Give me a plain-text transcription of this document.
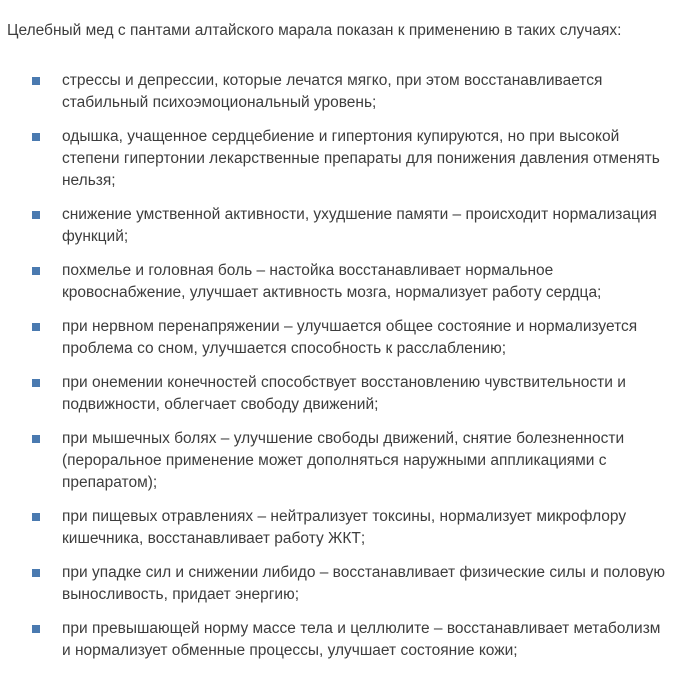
Целебный мед с пантами алтайского марала показан к применению в таких случаях:

стрессы и депрессии, которые лечатся мягко, при этом восстанавливается стабильный психоэмоциональный уровень;
одышка, учащенное сердцебиение и гипертония купируются, но при высокой степени гипертонии лекарственные препараты для понижения давления отменять нельзя;
снижение умственной активности, ухудшение памяти – происходит нормализация функций;
похмелье и головная боль – настойка восстанавливает нормальное кровоснабжение, улучшает активность мозга, нормализует работу сердца;
при нервном перенапряжении – улучшается общее состояние и нормализуется проблема со сном, улучшается способность к расслаблению;
при онемении конечностей способствует восстановлению чувствительности и подвижности, облегчает свободу движений;
при мышечных болях – улучшение свободы движений, снятие болезненности (пероральное применение может дополняться наружными аппликациями с препаратом);
при пищевых отравлениях – нейтрализует токсины, нормализует микрофлору кишечника, восстанавливает работу ЖКТ;
при упадке сил и снижении либидо – восстанавливает физические силы и половую выносливость, придает энергию;
при превышающей норму массе тела и целлюлите – восстанавливает метаболизм и нормализует обменные процессы, улучшает состояние кожи;
